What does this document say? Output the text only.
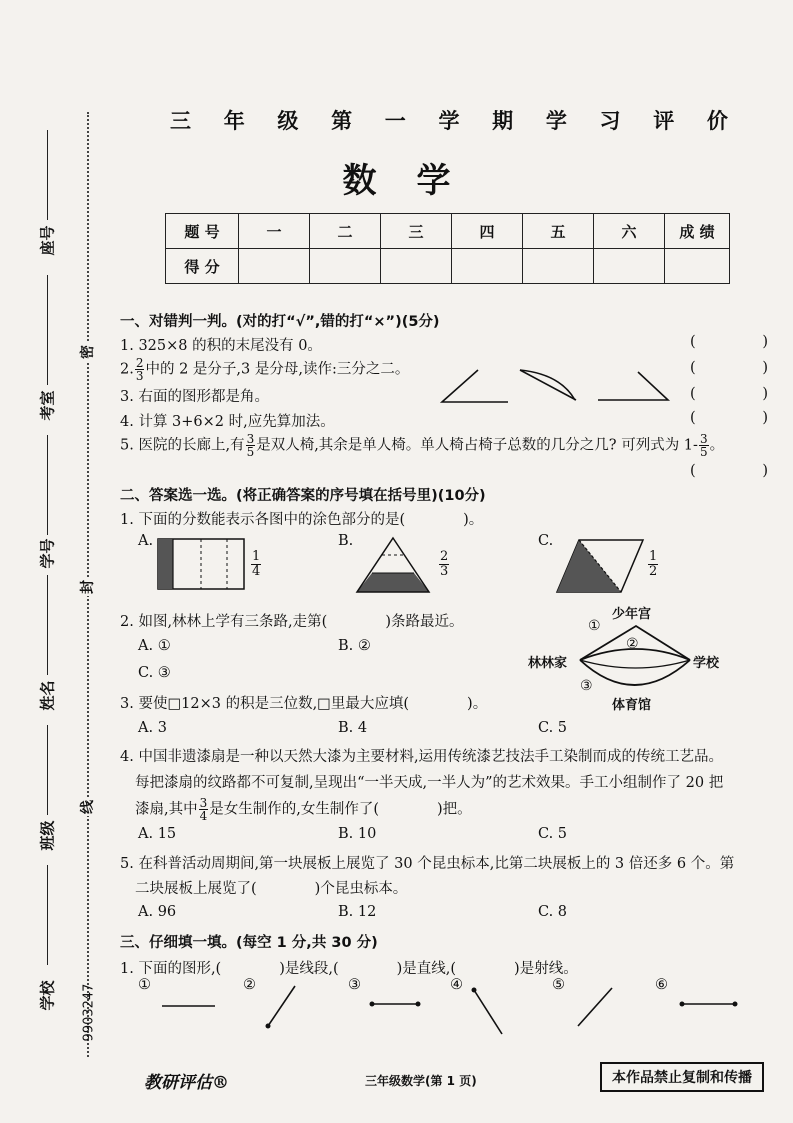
座号
考室
学号
姓名
班级
学校
密
封
线
9903247
三 年 级 第 一 学 期 学 习 评 价
数学
题 号	一	二	三	四	五	六	成 绩
得 分							
一、对错判一判。(对的打“√”,错的打“×”)(5分)
1. 325×8 的积的末尾没有 0。
2. $\frac{2}{3}$ 中的 2 是分子,3 是分母,读作:三分之二。
3. 右面的图形都是角。
4. 计算 3+6×2 时,应先算加法。
5. 医院的长廊上,有 $\frac{3}{5}$ 是双人椅,其余是单人椅。单人椅占椅子总数的几分之几? 可列式为 $1- \frac{3}{5}$ 。
(	)
(	)
(	)
(	)
(	)
二、答案选一选。(将正确答案的序号填在括号里)(10分)
1. 下面的分数能表示各图中的涂色部分的是(　　　　)。
A.
$\frac{1}{4}$
B.
$\frac{2}{3}$
C.
$\frac{1}{2}$
2. 如图,林林上学有三条路,走第(　　　　)条路最近。
A. ①	B. ②
C. ③
少年宫
林林家	学校
体育馆
①
②
③
3. 要使□12×3 的积是三位数,□里最大应填(　　　　)。
A. 3	B. 4	C. 5
4. 中国非遗漆扇是一种以天然大漆为主要材料,运用传统漆艺技法手工染制而成的传统工艺品。
每把漆扇的纹路都不可复制,呈现出“一半天成,一半人为”的艺术效果。手工小组制作了 20 把
漆扇,其中 $\frac{3}{4}$ 是女生制作的,女生制作了(　　　　)把。
A. 15	B. 10	C. 5
5. 在科普活动周期间,第一块展板上展览了 30 个昆虫标本,比第二块展板上的 3 倍还多 6 个。第
二块展板上展览了(　　　　)个昆虫标本。
A. 96	B. 12	C. 8
三、仔细填一填。(每空 1 分,共 30 分)
1. 下面的图形,(　　　　)是线段,(　　　　)是直线,(　　　　)是射线。
①	②	③	④	⑤	⑥
教研评估®	三年级数学(第 1 页)	本作品禁止复制和传播
